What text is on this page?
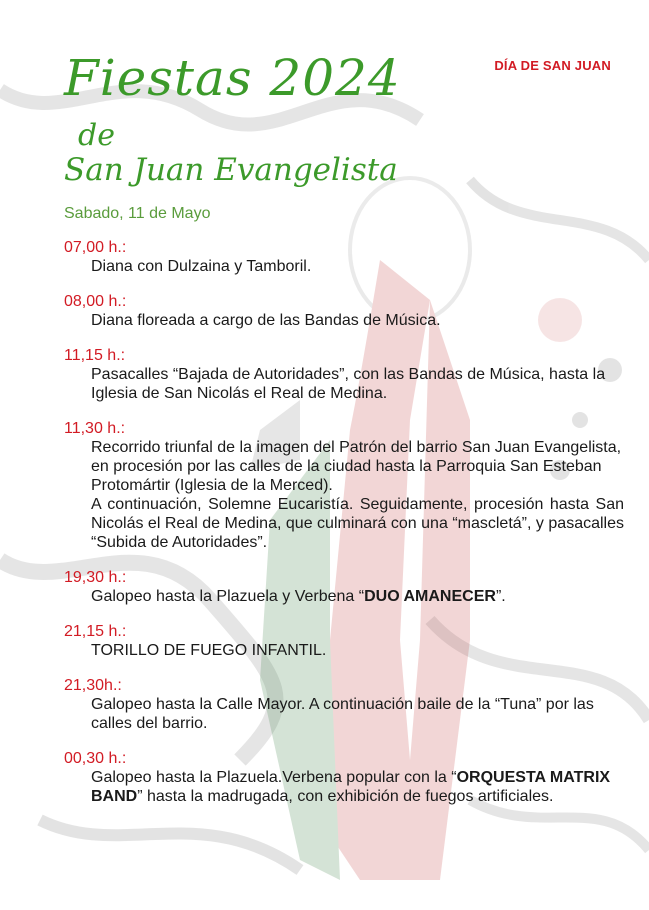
DÍA DE SAN JUAN
Fiestas 2024
de
San Juan Evangelista
Sabado, 11 de Mayo
07,00 h.:
Diana con Dulzaina y Tamboril.
08,00 h.:
Diana floreada a cargo de las Bandas de Música.
11,15 h.:
Pasacalles “Bajada de Autoridades”, con las Bandas de Música, hasta la Iglesia de San Nicolás el Real de Medina.
11,30 h.:

Recorrido triunfal de la imagen del Patrón del barrio San Juan Evangelista, en procesión por las calles de la ciudad hasta la Parroquia San Esteban Protomártir (Iglesia de la Merced).

A continuación, Solemne Eucaristía. Seguidamente, procesión hasta San Nicolás el Real de Medina, que culminará con una “mascletá”, y pasacalles “Subida de Autoridades”.

19,30 h.:
Galopeo hasta la Plazuela y Verbena “DUO AMANECER”.
21,15 h.:
TORILLO DE FUEGO INFANTIL.
21,30h.:
Galopeo hasta la Calle Mayor. A continuación baile de la “Tuna” por las calles del barrio.
00,30 h.:
Galopeo hasta la Plazuela.Verbena popular con la “ORQUESTA MATRIX BAND” hasta la madrugada, con exhibición de fuegos artificiales.
